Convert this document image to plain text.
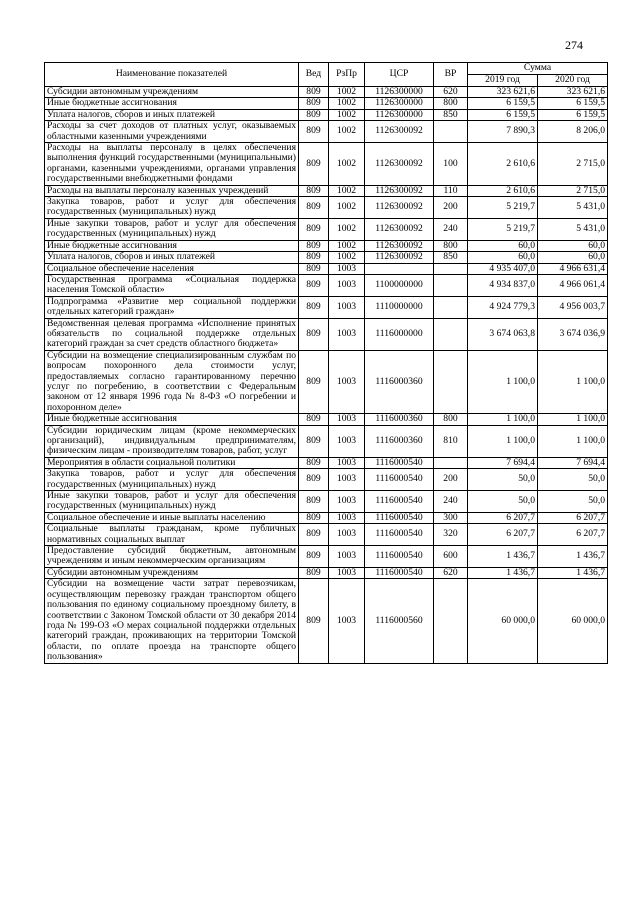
274
Наименование показателей	Вед	РзПр	ЦСР	ВР	Сумма	
					2019 год	2020 год
Субсидии автономным учреждениям	809	1002	1126300000	620	323 621,6	323 621,6
Иные бюджетные ассигнования	809	1002	1126300000	800	6 159,5	6 159,5
Уплата налогов, сборов и иных платежей	809	1002	1126300000	850	6 159,5	6 159,5
Расходы за счет доходов от платных услуг, оказываемых областными казенными учреждениями	809	1002	1126300092		7 890,3	8 206,0
Расходы на выплаты персоналу в целях обеспечения выполнения функций государственными (муниципальными) органами, казенными учреждениями, органами управления государственными внебюджетными фондами	809	1002	1126300092	100	2 610,6	2 715,0
Расходы на выплаты персоналу казенных учреждений	809	1002	1126300092	110	2 610,6	2 715,0
Закупка товаров, работ и услуг для обеспечения государственных (муниципальных) нужд	809	1002	1126300092	200	5 219,7	5 431,0
Иные закупки товаров, работ и услуг для обеспечения государственных (муниципальных) нужд	809	1002	1126300092	240	5 219,7	5 431,0
Иные бюджетные ассигнования	809	1002	1126300092	800	60,0	60,0
Уплата налогов, сборов и иных платежей	809	1002	1126300092	850	60,0	60,0
Социальное обеспечение населения	809	1003			4 935 407,0	4 966 631,4
Государственная программа «Социальная поддержка населения Томской области»	809	1003	1100000000		4 934 837,0	4 966 061,4
Подпрограмма «Развитие мер социальной поддержки отдельных категорий граждан»	809	1003	1110000000		4 924 779,3	4 956 003,7
Ведомственная целевая программа «Исполнение принятых обязательств по социальной поддержке отдельных категорий граждан за счет средств областного бюджета»	809	1003	1116000000		3 674 063,8	3 674 036,9
Субсидии на возмещение специализированным службам по вопросам похоронного дела стоимости услуг, предоставляемых согласно гарантированному перечню услуг по погребению, в соответствии с Федеральным законом от 12 января 1996 года № 8-ФЗ «О погребении и похоронном деле»	809	1003	1116000360		1 100,0	1 100,0
Иные бюджетные ассигнования	809	1003	1116000360	800	1 100,0	1 100,0
Субсидии юридическим лицам (кроме некоммерческих организаций), индивидуальным предпринимателям, физическим лицам - производителям товаров, работ, услуг	809	1003	1116000360	810	1 100,0	1 100,0
Мероприятия в области социальной политики	809	1003	1116000540		7 694,4	7 694,4
Закупка товаров, работ и услуг для обеспечения государственных (муниципальных) нужд	809	1003	1116000540	200	50,0	50,0
Иные закупки товаров, работ и услуг для обеспечения государственных (муниципальных) нужд	809	1003	1116000540	240	50,0	50,0
Социальное обеспечение и иные выплаты населению	809	1003	1116000540	300	6 207,7	6 207,7
Социальные выплаты гражданам, кроме публичных нормативных социальных выплат	809	1003	1116000540	320	6 207,7	6 207,7
Предоставление субсидий бюджетным, автономным учреждениям и иным некоммерческим организациям	809	1003	1116000540	600	1 436,7	1 436,7
Субсидии автономным учреждениям	809	1003	1116000540	620	1 436,7	1 436,7
Субсидии на возмещение части затрат перевозчикам, осуществляющим перевозку граждан транспортом общего пользования по единому социальному проездному билету, в соответствии с Законом Томской области от 30 декабря 2014 года № 199-ОЗ «О мерах социальной поддержки отдельных категорий граждан, проживающих на территории Томской области, по оплате проезда на транспорте общего пользования»	809	1003	1116000560		60 000,0	60 000,0
